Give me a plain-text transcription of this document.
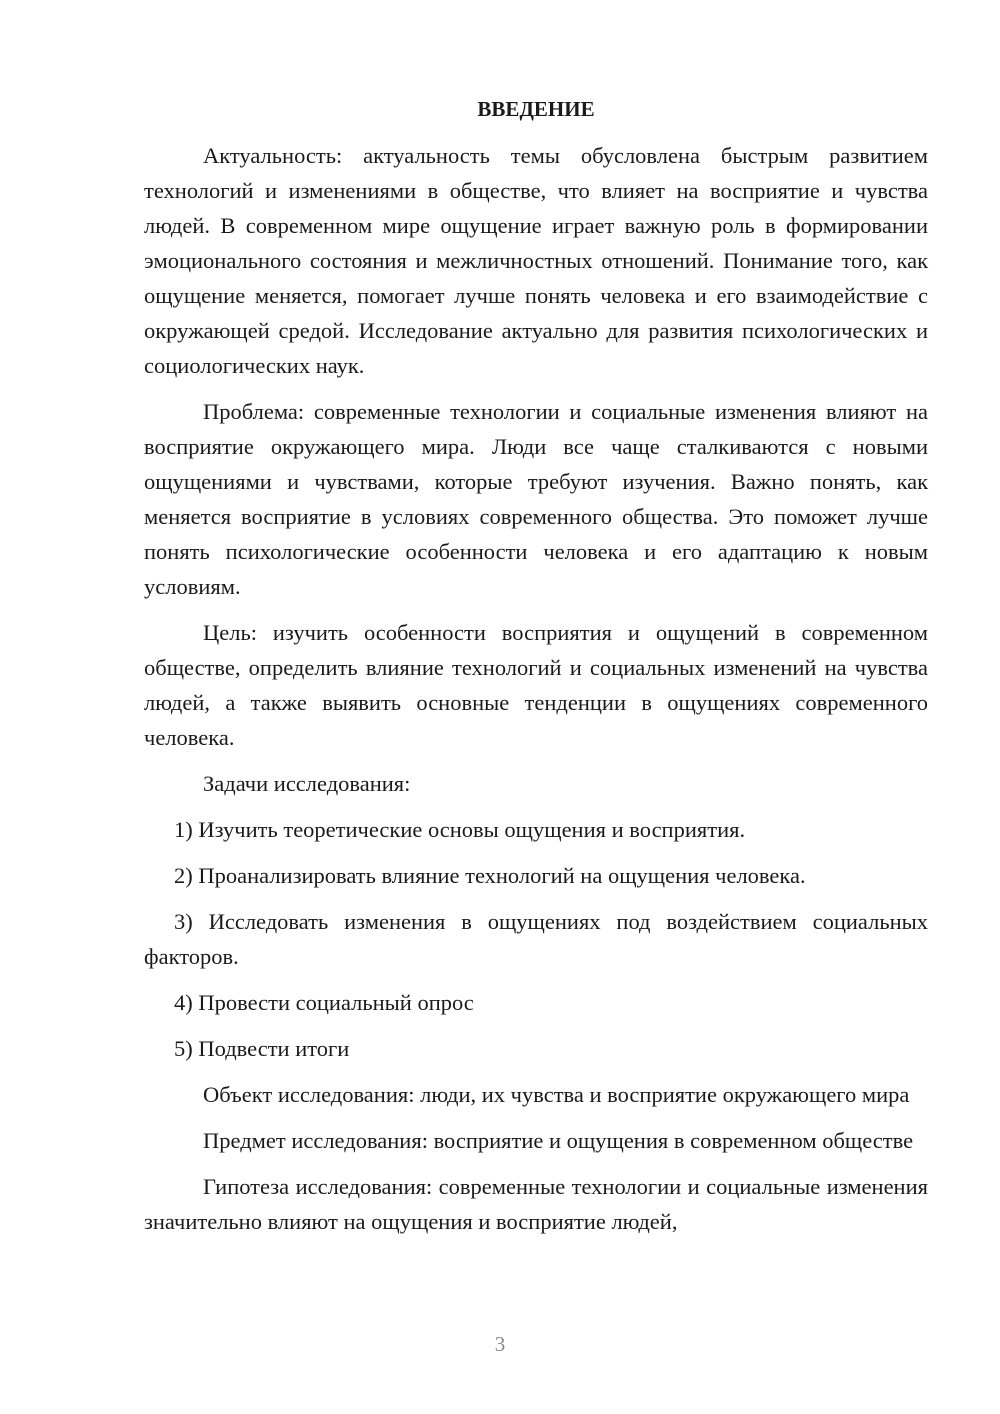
ВВЕДЕНИЕ

Актуальность: актуальность темы обусловлена быстрым развитием технологий и изменениями в обществе, что влияет на восприятие и чувства людей. В современном мире ощущение играет важную роль в формировании эмоционального состояния и межличностных отношений. Понимание того, как ощущение меняется, помогает лучше понять человека и его взаимодействие с окружающей средой. Исследование актуально для развития психологических и социологических наук.

Проблема: современные технологии и социальные изменения влияют на восприятие окружающего мира. Люди все чаще сталкиваются с новыми ощущениями и чувствами, которые требуют изучения. Важно понять, как меняется восприятие в условиях современного общества. Это поможет лучше понять психологические особенности человека и его адаптацию к новым условиям.

Цель: изучить особенности восприятия и ощущений в современном обществе, определить влияние технологий и социальных изменений на чувства людей, а также выявить основные тенденции в ощущениях современного человека.

Задачи исследования:

1) Изучить теоретические основы ощущения и восприятия.

2) Проанализировать влияние технологий на ощущения человека.

3) Исследовать изменения в ощущениях под воздействием социальных факторов.

4) Провести социальный опрос

5) Подвести итоги

Объект исследования: люди, их чувства и восприятие окружающего мира

Предмет исследования: восприятие и ощущения в современном обществе

Гипотеза исследования: современные технологии и социальные изменения значительно влияют на ощущения и восприятие людей,

3
